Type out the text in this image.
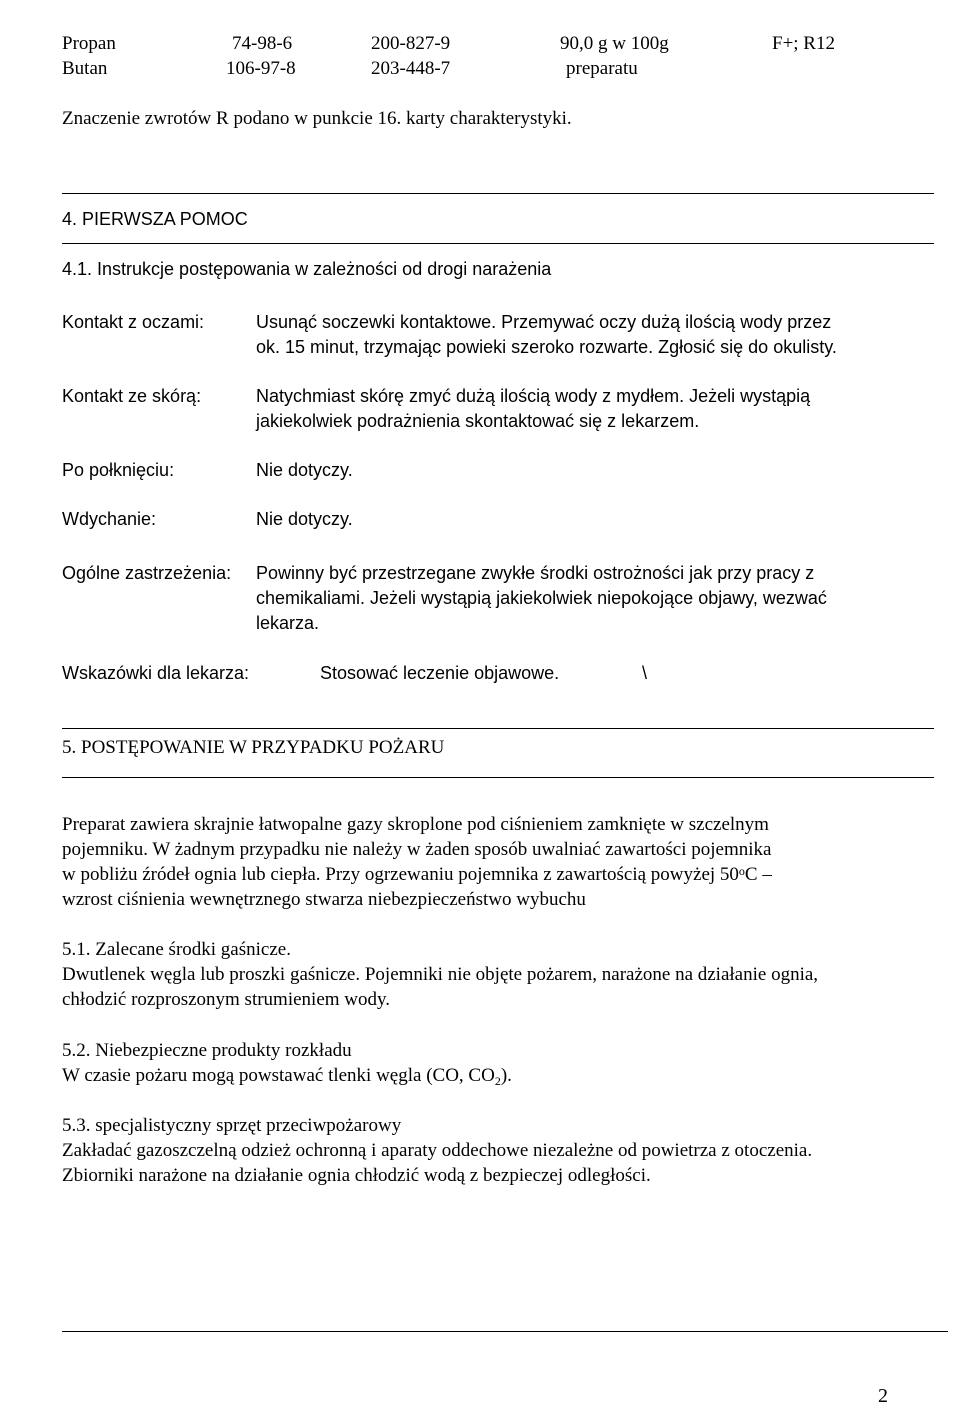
Propan	74-98-6	200-827-9	90,0 g w 100g	F+; R12
Butan	106-97-8	203-448-7	preparatu
Znaczenie zwrotów R podano w punkcie 16. karty charakterystyki.
4. PIERWSZA POMOC
4.1. Instrukcje postępowania w zależności od drogi narażenia
Kontakt z oczami:	Usunąć soczewki kontaktowe. Przemywać oczy dużą ilością wody przez
ok. 15 minut, trzymając powieki szeroko rozwarte. Zgłosić się do okulisty.
Kontakt ze skórą:	Natychmiast skórę zmyć dużą ilością wody z mydłem. Jeżeli wystąpią
jakiekolwiek podrażnienia skontaktować się z lekarzem.
Po połknięciu:	Nie dotyczy.
Wdychanie:	Nie dotyczy.
Ogólne zastrzeżenia: Powinny być przestrzegane zwykłe środki ostrożności jak przy pracy z
chemikaliami. Jeżeli wystąpią jakiekolwiek niepokojące objawy, wezwać
lekarza.
Wskazówki dla lekarza:	Stosować leczenie objawowe.	\
5. POSTĘPOWANIE W PRZYPADKU POŻARU
Preparat zawiera skrajnie łatwopalne gazy skroplone pod ciśnieniem zamknięte w szczelnym
pojemniku. W żadnym przypadku nie należy w żaden sposób uwalniać zawartości pojemnika
w pobliżu źródeł ognia lub ciepła. Przy ogrzewaniu pojemnika z zawartością powyżej 50$^o$C –
wzrost ciśnienia wewnętrznego stwarza niebezpieczeństwo wybuchu
5.1. Zalecane środki gaśnicze.
Dwutlenek węgla lub proszki gaśnicze. Pojemniki nie objęte pożarem, narażone na działanie ognia,
chłodzić rozproszonym strumieniem wody.
5.2. Niebezpieczne produkty rozkładu
W czasie pożaru mogą powstawać tlenki węgla (CO, $CO_2$).
5.3. specjalistyczny sprzęt przeciwpożarowy
Zakładać gazoszczelną odzież ochronną i aparaty oddechowe niezależne od powietrza z otoczenia.
Zbiorniki narażone na działanie ognia chłodzić wodą z bezpieczej odległości.
2
